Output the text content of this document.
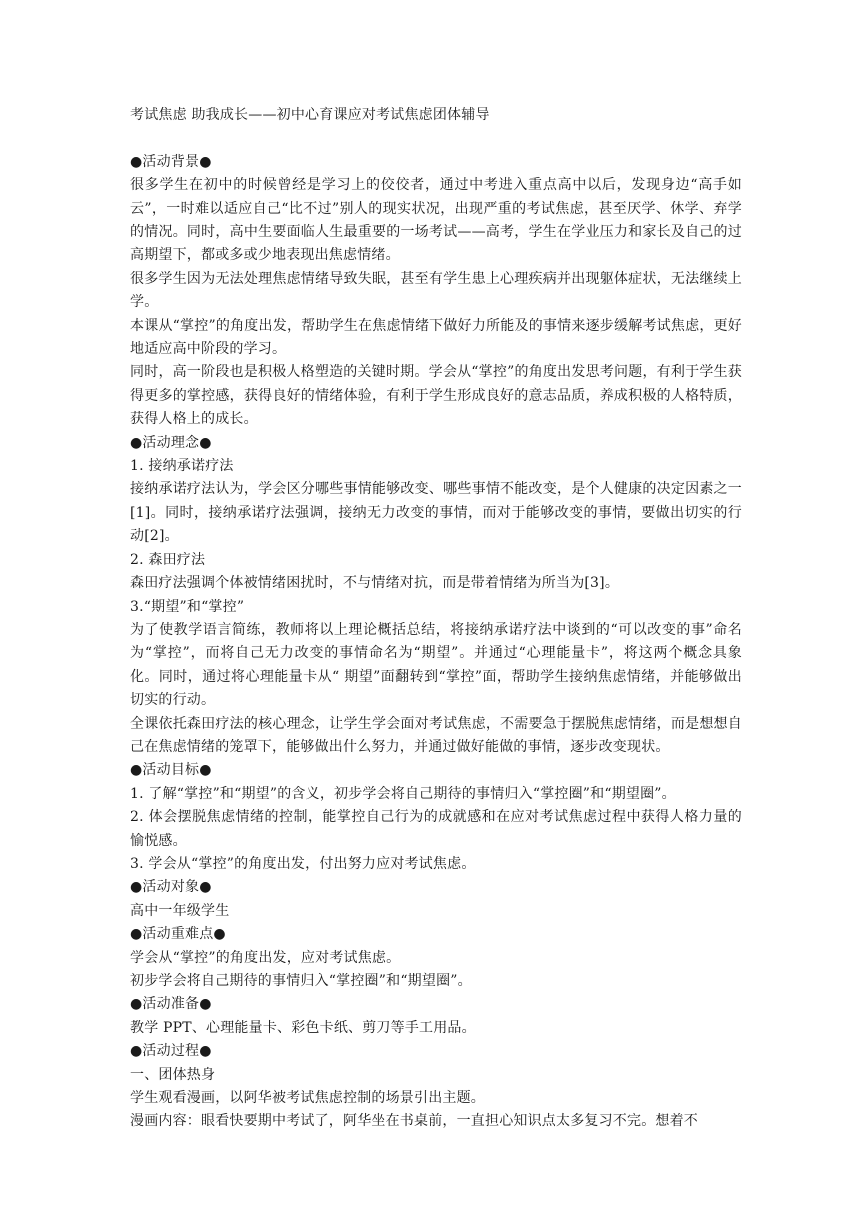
考试焦虑 助我成长——初中心育课应对考试焦虑团体辅导

●活动背景●

很多学生在初中的时候曾经是学习上的佼佼者，通过中考进入重点高中以后，发现身边“高手如云”，一时难以适应自己“比不过”别人的现实状况，出现严重的考试焦虑，甚至厌学、休学、弃学的情况。同时，高中生要面临人生最重要的一场考试——高考，学生在学业压力和家长及自己的过高期望下，都或多或少地表现出焦虑情绪。

很多学生因为无法处理焦虑情绪导致失眠，甚至有学生患上心理疾病并出现躯体症状，无法继续上学。

本课从“掌控”的角度出发，帮助学生在焦虑情绪下做好力所能及的事情来逐步缓解考试焦虑，更好地适应高中阶段的学习。

同时，高一阶段也是积极人格塑造的关键时期。学会从“掌控”的角度出发思考问题，有利于学生获得更多的掌控感，获得良好的情绪体验，有利于学生形成良好的意志品质，养成积极的人格特质，获得人格上的成长。

●活动理念●

1. 接纳承诺疗法

接纳承诺疗法认为，学会区分哪些事情能够改变、哪些事情不能改变，是个人健康的决定因素之一[1]。同时，接纳承诺疗法强调，接纳无力改变的事情，而对于能够改变的事情，要做出切实的行动[2]。

2. 森田疗法

森田疗法强调个体被情绪困扰时，不与情绪对抗，而是带着情绪为所当为[3]。

3.“期望”和“掌控”

为了使教学语言简练，教师将以上理论概括总结，将接纳承诺疗法中谈到的“可以改变的事”命名为“掌控”，而将自己无力改变的事情命名为“期望”。并通过“心理能量卡”，将这两个概念具象化。同时，通过将心理能量卡从“ 期望”面翻转到“掌控”面，帮助学生接纳焦虑情绪，并能够做出切实的行动。

全课依托森田疗法的核心理念，让学生学会面对考试焦虑，不需要急于摆脱焦虑情绪，而是想想自己在焦虑情绪的笼罩下，能够做出什么努力，并通过做好能做的事情，逐步改变现状。

●活动目标●

1. 了解“掌控”和“期望”的含义，初步学会将自己期待的事情归入“掌控圈”和“期望圈”。

2. 体会摆脱焦虑情绪的控制，能掌控自己行为的成就感和在应对考试焦虑过程中获得人格力量的愉悦感。

3. 学会从“掌控”的角度出发，付出努力应对考试焦虑。

●活动对象●

高中一年级学生

●活动重难点●

学会从“掌控”的角度出发，应对考试焦虑。

初步学会将自己期待的事情归入“掌控圈”和“期望圈”。

●活动准备●

教学 PPT、心理能量卡、彩色卡纸、剪刀等手工用品。

●活动过程●

一、团体热身

学生观看漫画，以阿华被考试焦虑控制的场景引出主题。

漫画内容：眼看快要期中考试了，阿华坐在书桌前，一直担心知识点太多复习不完。想着不
